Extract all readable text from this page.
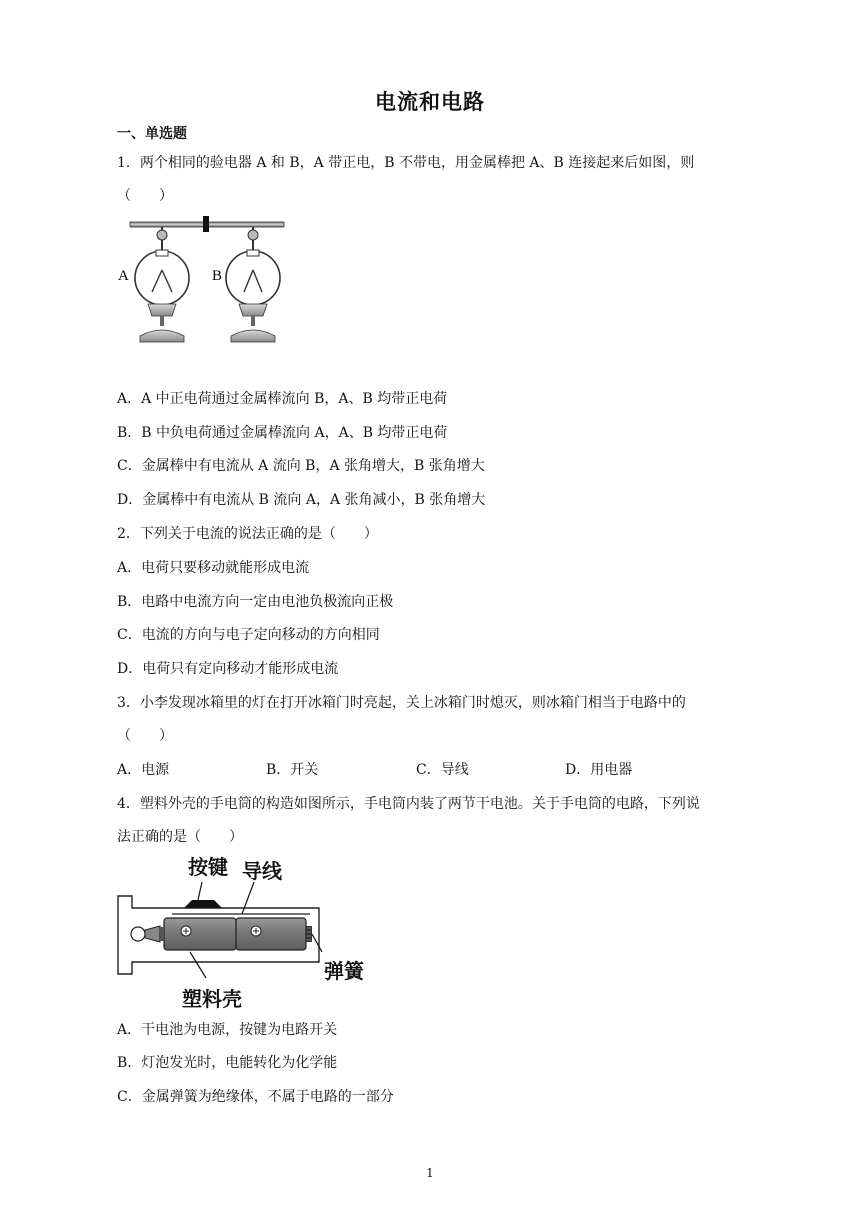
电流和电路
一、单选题
1．两个相同的验电器 A 和 B，A 带正电，B 不带电，用金属棒把 A、B 连接起来后如图，则
（　　）
A	B
A．A 中正电荷通过金属棒流向 B，A、B 均带正电荷
B．B 中负电荷通过金属棒流向 A，A、B 均带正电荷
C．金属棒中有电流从 A 流向 B，A 张角增大，B 张角增大
D．金属棒中有电流从 B 流向 A，A 张角减小，B 张角增大
2．下列关于电流的说法正确的是（　　）
A．电荷只要移动就能形成电流
B．电路中电流方向一定由电池负极流向正极
C．电流的方向与电子定向移动的方向相同
D．电荷只有定向移动才能形成电流
3．小李发现冰箱里的灯在打开冰箱门时亮起，关上冰箱门时熄灭，则冰箱门相当于电路中的
（　　）
A．电源	B．开关	C．导线	D．用电器
4．塑料外壳的手电筒的构造如图所示，手电筒内装了两节干电池。关于手电筒的电路，下列说
法正确的是（　　）
按键 导线
弹簧
塑料壳
A．干电池为电源，按键为电路开关
B．灯泡发光时，电能转化为化学能
C．金属弹簧为绝缘体，不属于电路的一部分
1
